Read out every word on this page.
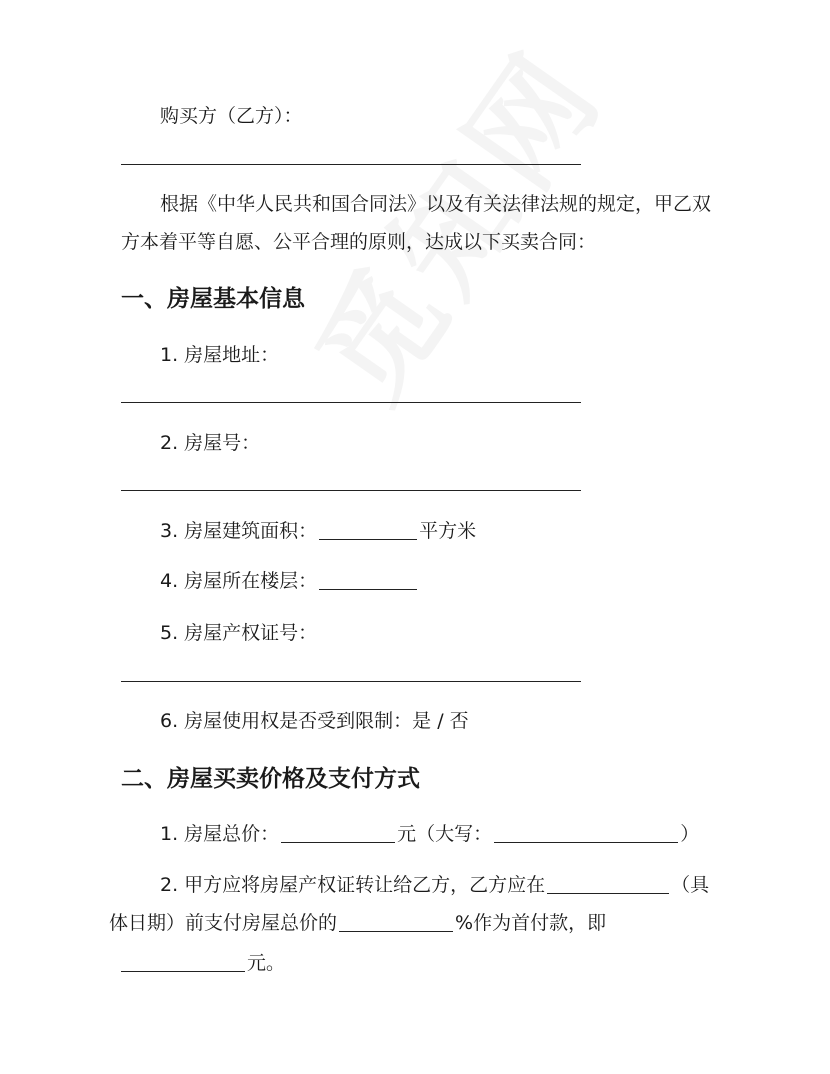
购买方（乙方）：
根据《中华人民共和国合同法》以及有关法律法规的规定，甲乙双
方本着平等自愿、公平合理的原则，达成以下买卖合同：
一、房屋基本信息
1. 房屋地址：
2. 房屋号：
3. 房屋建筑面积：	平方米
4. 房屋所在楼层：
5. 房屋产权证号：
6. 房屋使用权是否受到限制：是 / 否
二、房屋买卖价格及支付方式
1. 房屋总价：	元（大写：	）
2. 甲方应将房屋产权证转让给乙方，乙方应在	（具
体日期）前支付房屋总价的	%作为首付款，即
元。
